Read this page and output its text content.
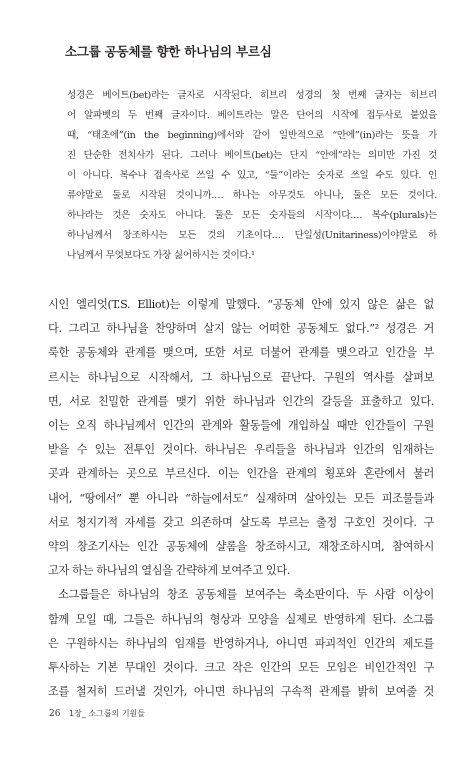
소그룹 공동체를 향한 하나님의 부르심
성경은 베이트(bet)라는 글자로 시작된다. 히브리 성경의 첫 번째 글자는 히브리
어 알파벳의 두 번째 글자이다. 베이트라는 말은 단어의 시작에 접두사로 붙었을
때, “태초에”(in the beginning)에서와 같이 일반적으로 “안에”(in)라는 뜻을 가
진 단순한 전치사가 된다. 그러나 베이트(bet)는 단지 “안에”라는 의미만 가진 것
이 아니다. 복수나 접속사로 쓰일 수 있고, “둘”이라는 숫자로 쓰일 수도 있다. 인
류야말로 둘로 시작된 것이니까.… 하나는 아무것도 아니나, 둘은 모든 것이다.
하나라는 것은 숫자도 아니다. 둘은 모든 숫자들의 시작이다.… 복수(plurals)는
하나님께서 창조하시는 모든 것의 기초이다.… 단일성(Unitariness)이야말로 하
나님께서 무엇보다도 가장 싫어하시는 것이다.¹
시인 엘리엇(T.S. Elliot)는 이렇게 말했다. “공동체 안에 있지 않은 삶은 없
다. 그리고 하나님을 찬양하며 살지 않는 어떠한 공동체도 없다.”² 성경은 거
룩한 공동체와 관계를 맺으며, 또한 서로 더불어 관계를 맺으라고 인간을 부
르시는 하나님으로 시작해서, 그 하나님으로 끝난다. 구원의 역사를 살펴보
면, 서로 친밀한 관계를 맺기 위한 하나님과 인간의 갈등을 표출하고 있다.
이는 오직 하나님께서 인간의 관계와 활동들에 개입하실 때만 인간들이 구원
받을 수 있는 전투인 것이다. 하나님은 우리들을 하나님과 인간의 임재하는
곳과 관계하는 곳으로 부르신다. 이는 인간을 관계의 횡포와 혼란에서 불러
내어, “땅에서” 뿐 아니라 “하늘에서도” 실재하며 살아있는 모든 피조물들과
서로 청지기적 자세를 갖고 의존하며 살도록 부르는 출정 구호인 것이다. 구
약의 창조기사는 인간 공동체에 샬롬을 창조하시고, 재창조하시며, 참여하시
고자 하는 하나님의 열심을 간략하게 보여주고 있다.
소그룹들은 하나님의 창조 공동체를 보여주는 축소판이다. 두 사람 이상이
함께 모일 때, 그들은 하나님의 형상과 모양을 실제로 반영하게 된다. 소그룹
은 구원하시는 하나님의 임재를 반영하거나, 아니면 파괴적인 인간의 제도를
투사하는 기본 무대인 것이다. 크고 작은 인간의 모든 모임은 비인간적인 구
조를 철저히 드러낼 것인가, 아니면 하나님의 구속적 관계를 밝히 보여줄 것
26 1장_ 소그룹의 기원들
